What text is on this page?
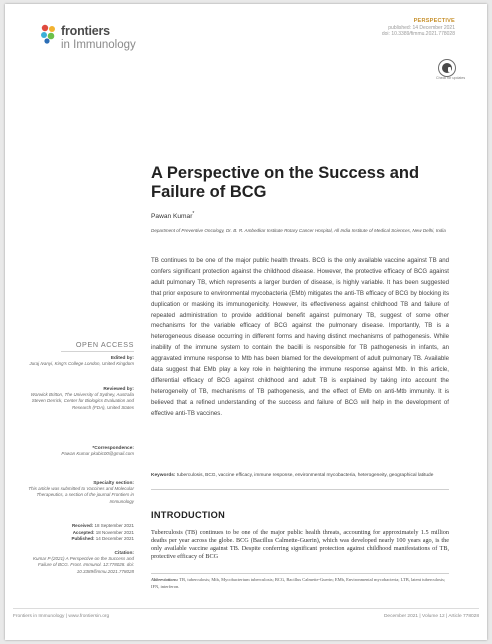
frontiers
in Immunology
PERSPECTIVE
published: 14 December 2021
doi: 10.3389/fimmu.2021.778028
Check for updates
A Perspective on the Success and Failure of BCG
Pawan Kumar*
Department of Preventive Oncology, Dr. B. R. Ambedkar Institute Rotary Cancer Hospital, All India Institute of Medical Sciences, New Delhi, India

TB continues to be one of the major public health threats. BCG is the only available vaccine against TB and confers significant protection against the childhood disease. However, the protective efficacy of BCG against adult pulmonary TB, which represents a larger burden of disease, is highly variable. It has been suggested that prior exposure to environmental mycobacteria (EMb) mitigates the anti-TB efficacy of BCG by blocking its duplication or masking its immunogenicity. However, its effectiveness against childhood TB and failure of repeated administration to provide additional benefit against pulmonary TB, suggest of some other mechanisms for the variable efficacy of BCG against the pulmonary disease. Importantly, TB is a heterogeneous disease occurring in different forms and having distinct mechanisms of pathogenesis. While inability of the immune system to contain the bacilli is responsible for TB pathogenesis in infants, an aggravated immune response to Mtb has been blamed for the development of adult pulmonary TB. Available data suggest that EMb play a key role in heightening the immune response against Mtb. In this article, differential efficacy of BCG against childhood and adult TB is explained by taking into account the heterogeneity of TB, mechanisms of TB pathogenesis, and the effect of EMb on anti-Mtb immunity. It is believed that a refined understanding of the success and failure of BCG will help in the development of effective anti-TB vaccines.

Keywords: tuberculosis, BCG, vaccine efficacy, immune response, environmental mycobacteria, heterogeneity, geographical latitude

INTRODUCTION

Tuberculosis (TB) continues to be one of the major public health threats, accounting for approximately 1.5 million deaths per year across the globe. BCG (Bacillus Calmette-Guerin), which was developed nearly 100 years ago, is the only available vaccine against TB. Despite conferring significant protection against childhood manifestations of TB, protective efficacy of BCG

Abbreviations: TB, tuberculosis; Mtb, Mycobacterium tuberculosis; BCG, Bacillus Calmette-Guerin; EMb, Environmental mycobacteria; LTB, latent tuberculosis; IFN, interferon.

OPEN ACCESS
Edited by:

Juraj Ivanyi, King's College London, United Kingdom

Reviewed by:

Warwick Britton, The University of Sydney, Australia Steven Derrick, Center for Biologics Evaluation and Research (FDA), United States

*Correspondence:

Pawan Kumar pkabic00@gmail.com

Specialty section:

This article was submitted to Vaccines and Molecular Therapeutics, a section of the journal Frontiers in Immunology

Received: 18 September 2021
Accepted: 18 November 2021
Published: 14 December 2021
Citation:

Kumar P (2021) A Perspective on the Success and Failure of BCG. Front. Immunol. 12:778028. doi: 10.3389/fimmu.2021.778028

Frontiers in Immunology | www.frontiersin.org	December 2021 | Volume 12 | Article 778028
